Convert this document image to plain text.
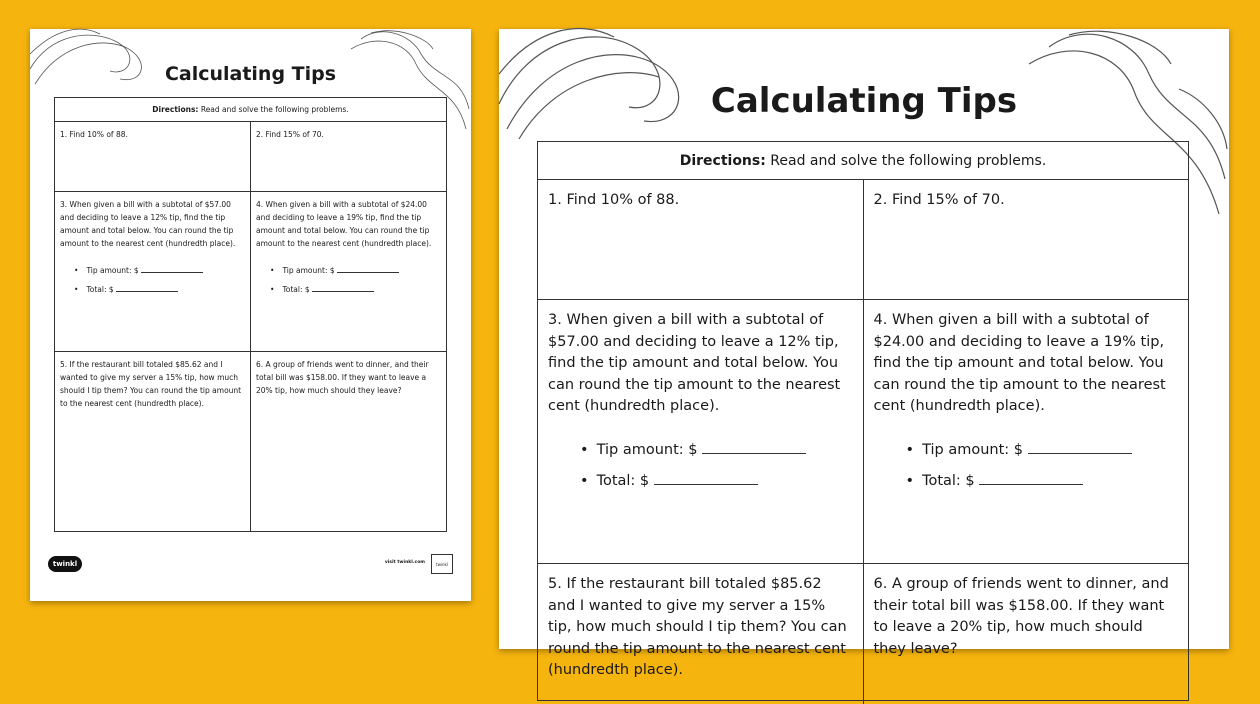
Calculating Tips
Directions: Read and solve the following problems.
1. Find 10% of 88.	2. Find 15% of 70.
3. When given a bill with a subtotal of $57.00 and deciding to leave a 12% tip, find the tip amount and total below. You can round the tip amount to the nearest cent (hundredth place).
• Tip amount: $
• Total: $
4. When given a bill with a subtotal of $24.00 and deciding to leave a 19% tip, find the tip amount and total below. You can round the tip amount to the nearest cent (hundredth place).
• Tip amount: $
• Total: $
5. If the restaurant bill totaled $85.62 and I wanted to give my server a 15% tip, how much should I tip them? You can round the tip amount to the nearest cent (hundredth place).
6. A group of friends went to dinner, and their total bill was $158.00. If they want to leave a 20% tip, how much should they leave?
twinkl	visit twinkl.com	twinkl
Calculating Tips
Directions: Read and solve the following problems.
1. Find 10% of 88.	2. Find 15% of 70.
3. When given a bill with a subtotal of $57.00 and deciding to leave a 12% tip, find the tip amount and total below. You can round the tip amount to the nearest cent (hundredth place).
• Tip amount: $
• Total: $
4. When given a bill with a subtotal of $24.00 and deciding to leave a 19% tip, find the tip amount and total below. You can round the tip amount to the nearest cent (hundredth place).
• Tip amount: $
• Total: $
5. If the restaurant bill totaled $85.62 and I wanted to give my server a 15% tip, how much should I tip them? You can round the tip amount to the nearest cent (hundredth place).
6. A group of friends went to dinner, and their total bill was $158.00. If they want to leave a 20% tip, how much should they leave?
